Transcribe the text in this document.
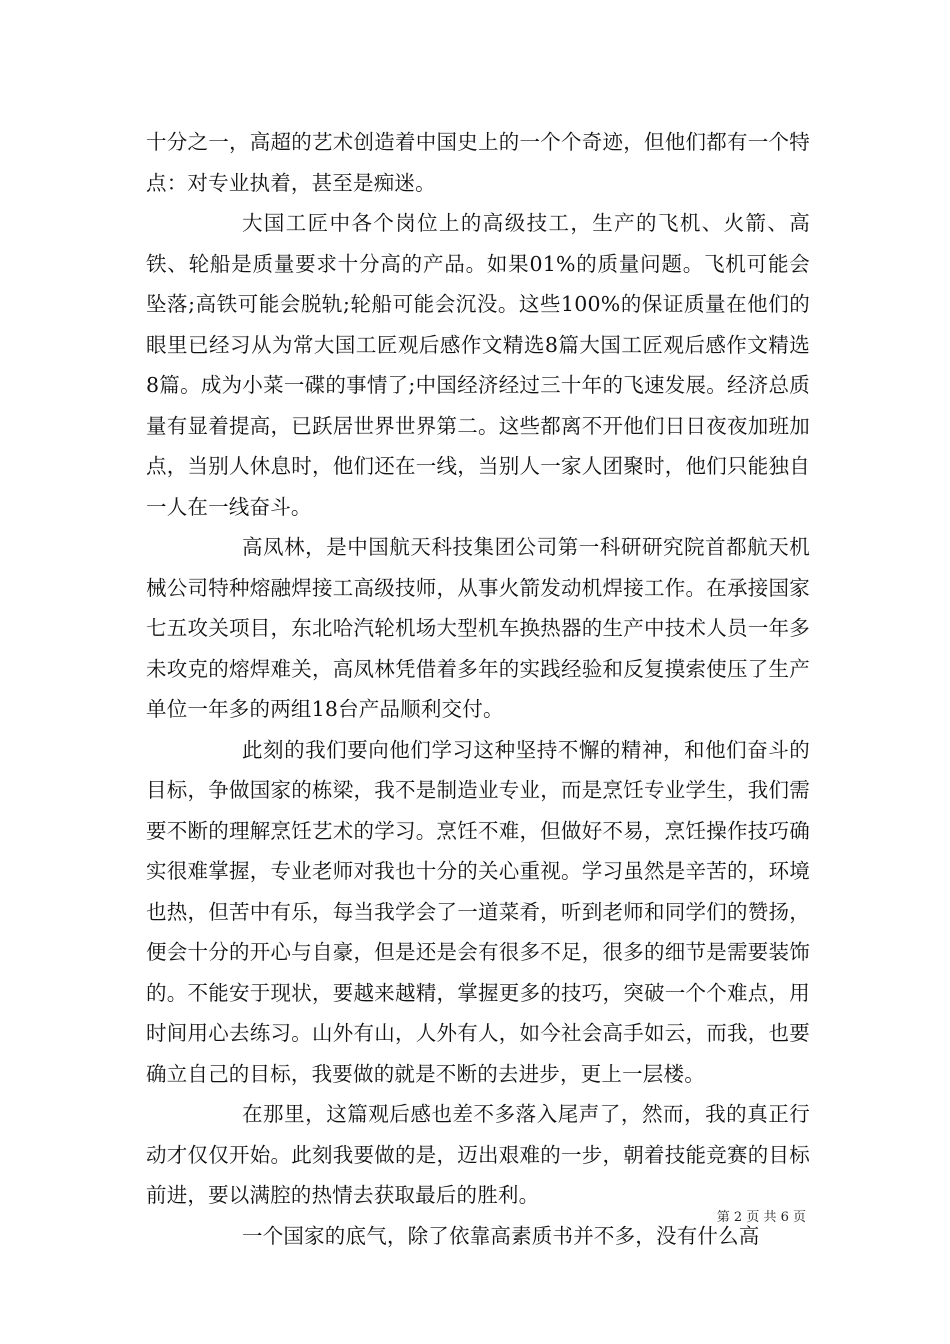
十分之一，高超的艺术创造着中国史上的一个个奇迹，但他们都有一个特点：对专业执着，甚至是痴迷。

大国工匠中各个岗位上的高级技工，生产的飞机、火箭、高铁、轮船是质量要求十分高的产品。如果01%的质量问题。飞机可能会坠落;高铁可能会脱轨;轮船可能会沉没。这些100%的保证质量在他们的眼里已经习从为常大国工匠观后感作文精选8篇大国工匠观后感作文精选8篇。成为小菜一碟的事情了;中国经济经过三十年的飞速发展。经济总质量有显着提高，已跃居世界世界第二。这些都离不开他们日日夜夜加班加点，当别人休息时，他们还在一线，当别人一家人团聚时，他们只能独自一人在一线奋斗。

高凤林，是中国航天科技集团公司第一科研研究院首都航天机械公司特种熔融焊接工高级技师，从事火箭发动机焊接工作。在承接国家七五攻关项目，东北哈汽轮机场大型机车换热器的生产中技术人员一年多未攻克的熔焊难关，高凤林凭借着多年的实践经验和反复摸索使压了生产单位一年多的两组18台产品顺利交付。

此刻的我们要向他们学习这种坚持不懈的精神，和他们奋斗的目标，争做国家的栋梁，我不是制造业专业，而是烹饪专业学生，我们需要不断的理解烹饪艺术的学习。烹饪不难，但做好不易，烹饪操作技巧确实很难掌握，专业老师对我也十分的关心重视。学习虽然是辛苦的，环境也热，但苦中有乐，每当我学会了一道菜肴，听到老师和同学们的赞扬，便会十分的开心与自豪，但是还是会有很多不足，很多的细节是需要装饰的。不能安于现状，要越来越精，掌握更多的技巧，突破一个个难点，用时间用心去练习。山外有山，人外有人，如今社会高手如云，而我，也要确立自己的目标，我要做的就是不断的去进步，更上一层楼。

在那里，这篇观后感也差不多落入尾声了，然而，我的真正行动才仅仅开始。此刻我要做的是，迈出艰难的一步，朝着技能竞赛的目标前进，要以满腔的热情去获取最后的胜利。

一个国家的底气，除了依靠高素质书并不多，没有什么高

第 2 页 共 6 页
